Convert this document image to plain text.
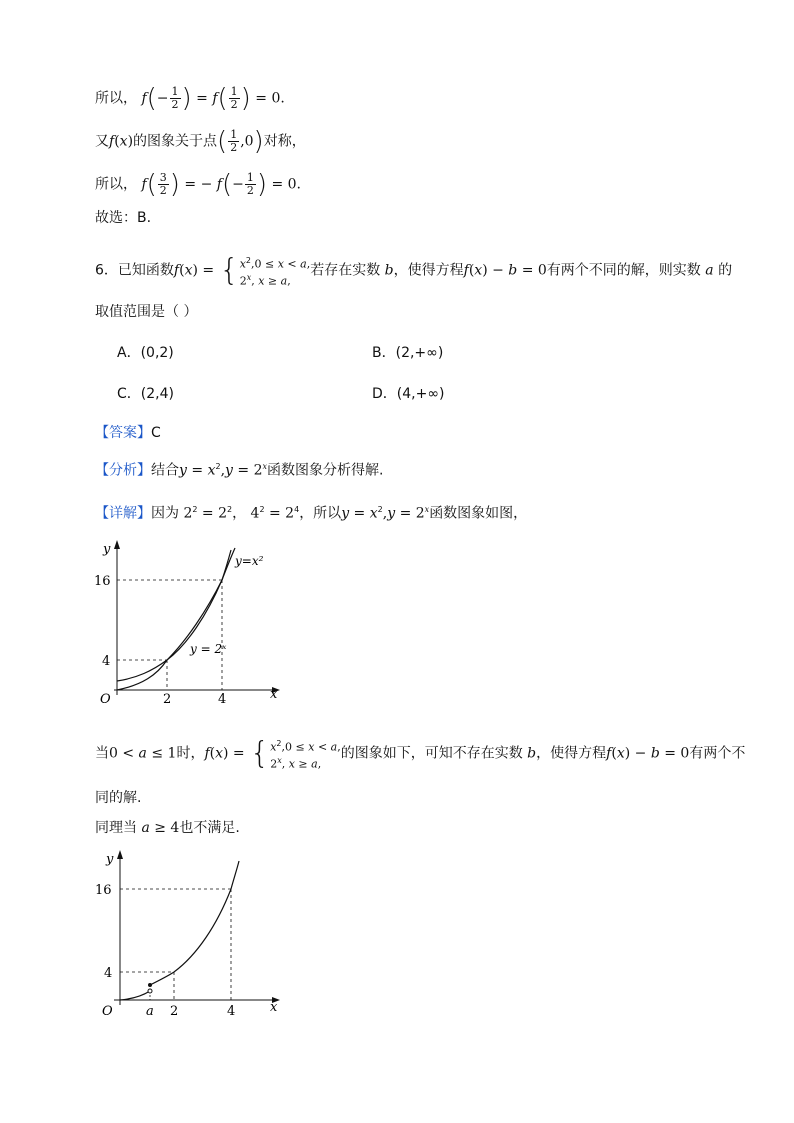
所以， $f(- \frac{1}{2}$ ) = $f( \frac{1}{2}$ ) = 0.
又f(x)的图象关于点( $\frac{1}{2} ,0$)对称，
所以， $f( \frac{3}{2}$ ) = − $f(- \frac{1}{2}$ ) = 0.
故选：B.
6．已知函数$f(x) = \{x^2,0 \le x < a$,
2$^x$, x ≥ a,若存在实数 b，使得方程f(x) − b = 0有两个不同的解，则实数 a 的
取值范围是（ ）
A．(0,2)	B．(2,+∞)
C．(2,4)	D．(4,+∞)
【答案】C
【分析】结合$y = x^2,y = 2^x$函数图象分析得解.
【详解】因为 $2^2 = 2^2$， $4^2 = 2^4$，所以$y = x^2,y = 2^x$函数图象如图，
y
x
O
16
4
2	4
y=x²
y = 2ˣ
当0 < a ≤ 1时，$f(x) = \{x^2,0 \le x < a$,
2$^x$, x ≥ a,的图象如下，可知不存在实数 b，使得方程f(x) − b = 0有两个不
同的解.
同理当 a ≥ 4也不满足.
y
x
O
16
4
a 2	4
